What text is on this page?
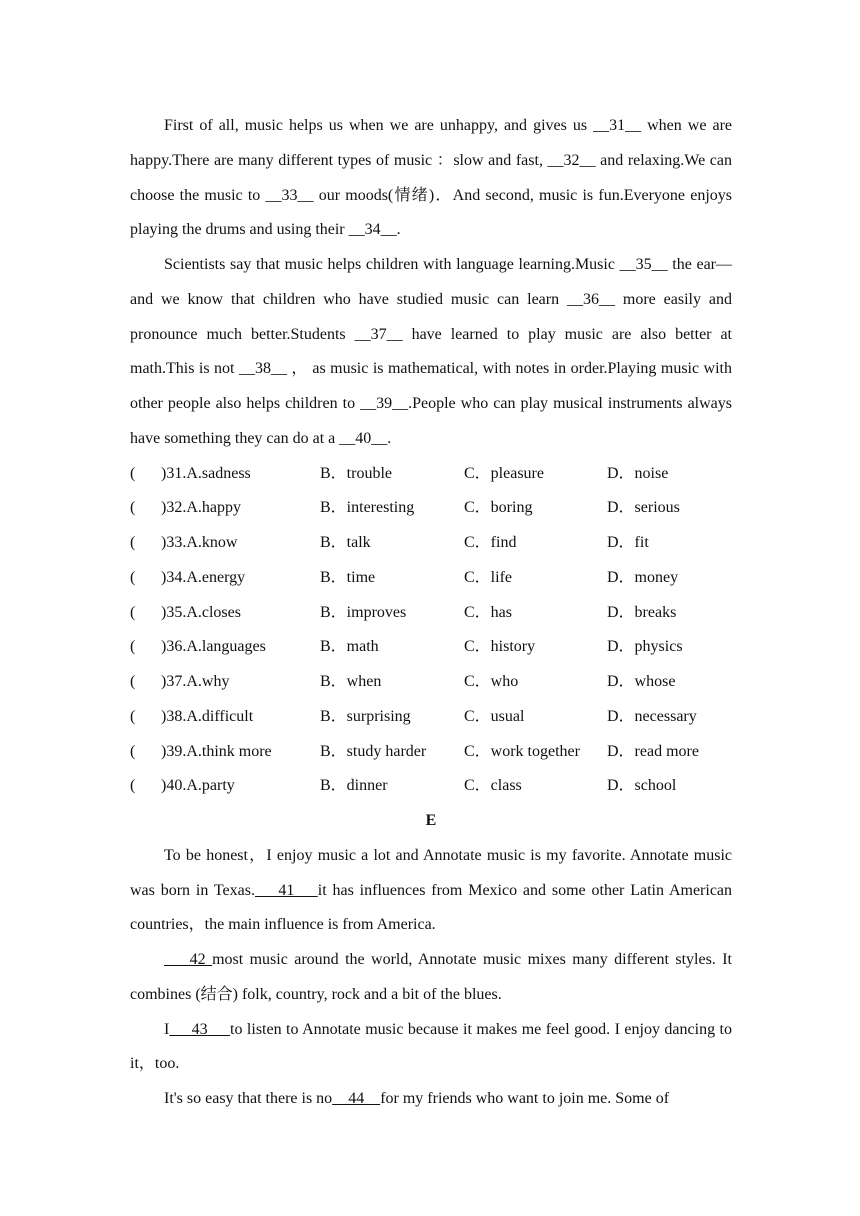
First of all, music helps us when we are unhappy, and gives us __31__ when we are happy.There are many different types of music ：slow and fast, __32__ and relaxing.We can choose the music to __33__ our moods(情绪)．And second, music is fun.Everyone enjoys playing the drums and using their __34__.

Scientists say that music helps children with language learning.Music __35__ the ear—and we know that children who have studied music can learn __36__ more easily and pronounce much better.Students __37__ have learned to play music are also better at math.This is not __38__ ， as music is mathematical, with notes in order.Playing music with other people also helps children to __39__.People who can play musical instruments always have something they can do at a __40__.

( )31.A.sadness	B．trouble	C．pleasure	D．noise
( )32.A.happy	B．interesting	C．boring	D．serious
( )33.A.know	B．talk	C．find	D．fit
( )34.A.energy	B．time	C．life	D．money
( )35.A.closes	B．improves	C．has	D．breaks
( )36.A.languages	B．math	C．history	D．physics
( )37.A.why	B．when	C．who	D．whose
( )38.A.difficult	B．surprising	C．usual	D．necessary
( )39.A.think more	B．study harder C．work together D．read more
( )40.A.party	B．dinner	C．class	D．school
E

To be honest，I enjoy music a lot and Annotate music is my favorite. Annotate music was born in Texas.    41    it has influences from Mexico and some other Latin American countries，the main influence is from America.

42 most music around the world, Annotate music mixes many different styles. It combines (结合) folk, country, rock and a bit of the blues.

I     43     to listen to Annotate music because it makes me feel good. I enjoy dancing to it，too.

It's so easy that there is no    44    for my friends who want to join me. Some of
